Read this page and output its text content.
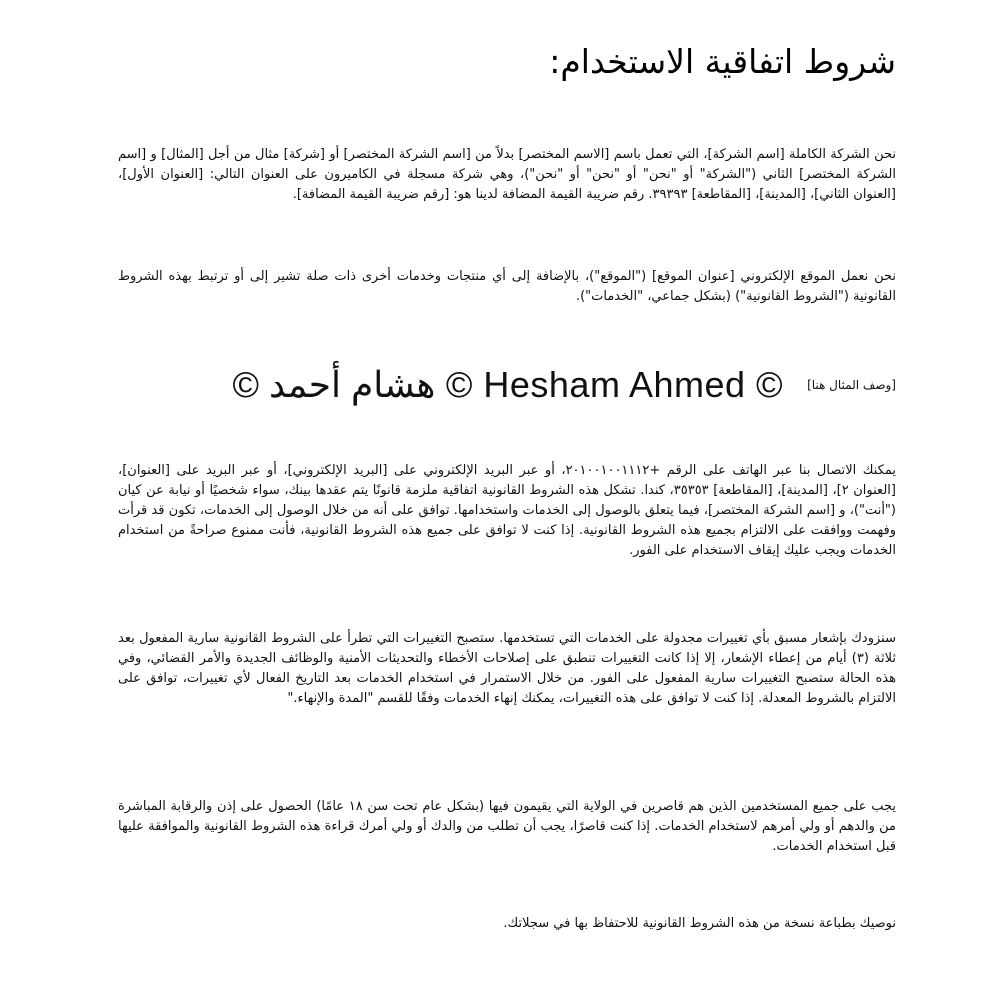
شروط اتفاقية الاستخدام:

نحن الشركة الكاملة [اسم الشركة]، التي تعمل باسم [الاسم المختصر] بدلاً من [اسم الشركة المختصر] أو [شركة] مثال من أجل [المثال] و [اسم الشركة المختصر] الثاني ("الشركة" أو "نحن" أو "نحن" أو "نحن")، وهي شركة مسجلة في الكاميرون على العنوان التالي: [العنوان الأول]، [العنوان الثاني]، [المدينة]، [المقاطعة] ٣٩٣٩٣. رقم ضريبة القيمة المضافة لدينا هو: [رقم ضريبة القيمة المضافة].

نحن نعمل الموقع الإلكتروني [عنوان الموقع] ("الموقع")، بالإضافة إلى أي منتجات وخدمات أخرى ذات صلة تشير إلى أو ترتبط بهذه الشروط القانونية ("الشروط القانونية") (بشكل جماعي، "الخدمات").

[وصف المثال هنا]
© Hesham Ahmed © هشام أحمد ©

يمكنك الاتصال بنا عبر الهاتف على الرقم +٢٠١٠٠١٠٠١١١٢، أو عبر البريد الإلكتروني على [البريد الإلكتروني]، أو عبر البريد على [العنوان]، [العنوان ٢]، [المدينة]، [المقاطعة] ٣٥٣٥٣، كندا. تشكل هذه الشروط القانونية اتفاقية ملزمة قانونًا يتم عقدها بينك، سواء شخصيًا أو نيابة عن كيان ("أنت")، و [اسم الشركة المختصر]، فيما يتعلق بالوصول إلى الخدمات واستخدامها. توافق على أنه من خلال الوصول إلى الخدمات، تكون قد قرأت وفهمت ووافقت على الالتزام بجميع هذه الشروط القانونية. إذا كنت لا توافق على جميع هذه الشروط القانونية، فأنت ممنوع صراحةً من استخدام الخدمات ويجب عليك إيقاف الاستخدام على الفور.

سنزودك بإشعار مسبق بأي تغييرات مجدولة على الخدمات التي تستخدمها. ستصبح التغييرات التي تطرأ على الشروط القانونية سارية المفعول بعد ثلاثة (٣) أيام من إعطاء الإشعار، إلا إذا كانت التغييرات تنطبق على إصلاحات الأخطاء والتحديثات الأمنية والوظائف الجديدة والأمر القضائي، وفي هذه الحالة ستصبح التغييرات سارية المفعول على الفور. من خلال الاستمرار في استخدام الخدمات بعد التاريخ الفعال لأي تغييرات، توافق على الالتزام بالشروط المعدلة. إذا كنت لا توافق على هذه التغييرات، يمكنك إنهاء الخدمات وفقًا للقسم "المدة والإنهاء."

يجب على جميع المستخدمين الذين هم قاصرين في الولاية التي يقيمون فيها (بشكل عام تحت سن ١٨ عامًا) الحصول على إذن والرقابة المباشرة من والدهم أو ولي أمرهم لاستخدام الخدمات. إذا كنت قاصرًا، يجب أن تطلب من والدك أو ولي أمرك قراءة هذه الشروط القانونية والموافقة عليها قبل استخدام الخدمات.

نوصيك بطباعة نسخة من هذه الشروط القانونية للاحتفاظ بها في سجلاتك.
